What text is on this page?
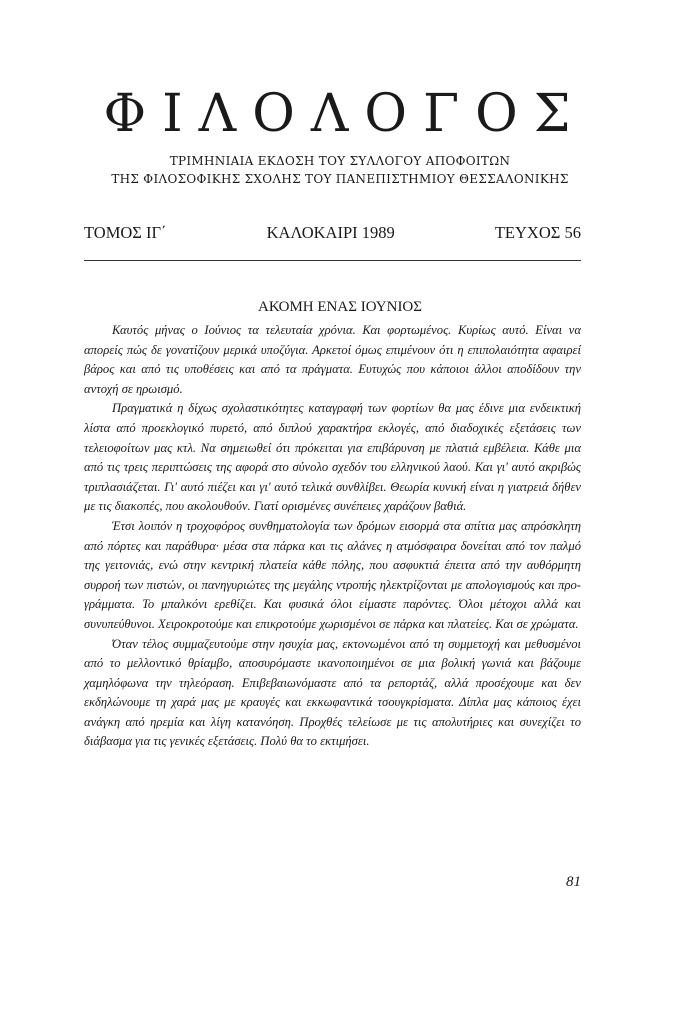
ΦΙΛΟΛΟΓΟΣ
ΤΡΙΜΗΝΙΑΙΑ ΕΚΔΟΣΗ ΤΟΥ ΣΥΛΛΟΓΟΥ ΑΠΟΦΟΙΤΩΝ
ΤΗΣ ΦΙΛΟΣΟΦΙΚΗΣ ΣΧΟΛΗΣ ΤΟΥ ΠΑΝΕΠΙΣΤΗΜΙΟΥ ΘΕΣΣΑΛΟΝΙΚΗΣ
ΤΟΜΟΣ ΙΓ΄	ΚΑΛΟΚΑΙΡΙ 1989	ΤΕΥΧΟΣ 56
ΑΚΟΜΗ ΕΝΑΣ ΙΟΥΝΙΟΣ

Καυτός μήνας ο Ιούνιος τα τελευταία χρόνια. Και φορτωμένος. Κυρίως αυτό. Είναι να απορείς πώς δε γονατίζουν μερικά υποζύγια. Αρκετοί όμως επιμένουν ότι η επιπολαιότητα αφαιρεί βάρος και από τις υποθέσεις και από τα πράγματα. Ευτυχώς που κάποιοι άλλοι αποδίδουν την αντοχή σε ηρωισμό.

Πραγματικά η δίχως σχολαστικότητες καταγραφή των φορτίων θα μας έδινε μια ενδεικτική λίστα από προεκλογικό πυρετό, από διπλού χαρακτήρα εκλογές, από διαδοχικές εξετάσεις των τελειοφοίτων μας κτλ. Να σημειωθεί ότι πρόκειται για επιβάρυνση με πλατιά εμβέλεια. Κάθε μια από τις τρεις περιπτώσεις της αφορά στο σύνολο σχεδόν του ελληνικού λαού. Και γι' αυτό ακριβώς τριπλασιάζεται. Γι' αυτό πιέζει και γι' αυτό τελικά συνθλίβει. Θεωρία κυνική είναι η γιατρειά δήθεν με τις διακοπές, που ακολουθούν. Γιατί ορισμένες συνέπειες χαράζουν βαθιά.

Έτσι λοιπόν η τροχοφόρος συνθηματολογία των δρόμων εισορμά στα σπίτια μας απρόσκλητη από πόρτες και παράθυρα· μέσα στα πάρκα και τις αλάνες η ατμόσφαιρα δονείται από τον παλμό της γειτονιάς, ενώ στην κεντρική πλατεία κάθε πόλης, που ασφυκτιά έπειτα από την αυθόρμητη συρροή των πιστών, οι πανηγυριώτες της μεγάλης ντροπής ηλεκτρίζονται με απολογισμούς και προγράμματα. Το μπαλκόνι ερεθίζει. Και φυσικά όλοι είμαστε παρόντες. Όλοι μέτοχοι αλλά και συνυπεύθυνοι. Χειροκροτούμε και επικροτούμε χωρισμένοι σε πάρκα και πλατείες. Και σε χρώματα.

Όταν τέλος συμμαζευτούμε στην ησυχία μας, εκτονωμένοι από τη συμμετοχή και μεθυσμένοι από το μελλοντικό θρίαμβο, αποσυρόμαστε ικανοποιημένοι σε μια βολική γωνιά και βάζουμε χαμηλόφωνα την τηλεόραση. Επιβεβαιωνόμαστε από τα ρεπορτάζ, αλλά προσέχουμε και δεν εκδηλώνουμε τη χαρά μας με κραυγές και εκκωφαντικά τσουγκρίσματα. Δίπλα μας κάποιος έχει ανάγκη από ηρεμία και λίγη κατανόηση. Προχθές τελείωσε με τις απολυτήριες και συνεχίζει το διάβασμα για τις γενικές εξετάσεις. Πολύ θα το εκτιμήσει.

81
